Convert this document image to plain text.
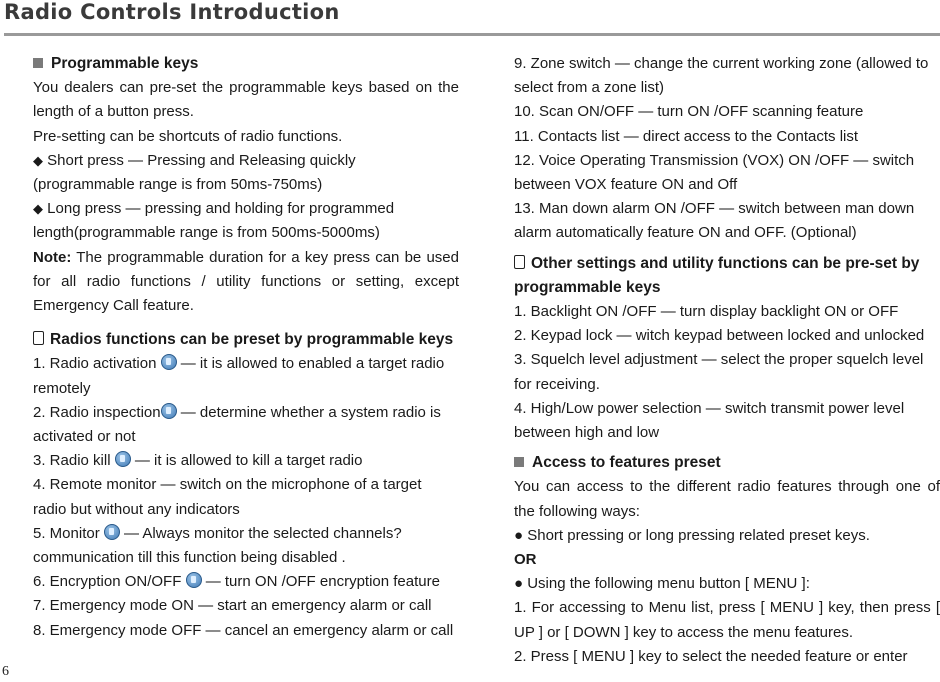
Radio Controls Introduction
Programmable keys

You dealers can pre-set the programmable keys based on the length of a button press.

Pre-setting can be shortcuts of radio functions.

◆ Short press — Pressing and Releasing quickly (programmable range is from 50ms-750ms)

◆ Long press — pressing and holding for programmed length(programmable range is from 500ms-5000ms)

Note: The programmable duration for a key press can be used for all radio functions / utility functions or setting, except Emergency Call feature.

Radios functions can be preset by programmable keys

1. Radio activation  — it is allowed to enabled a target radio remotely

2. Radio inspection — determine whether a system radio is activated or not

3. Radio kill  — it is allowed to kill a target radio

4. Remote monitor — switch on the microphone of a target radio but without any indicators

5. Monitor  — Always monitor the selected channels? communication till this function being disabled .

6. Encryption ON/OFF  — turn ON /OFF encryption feature

7. Emergency mode ON — start an emergency alarm or call

8. Emergency mode OFF — cancel an emergency alarm or call

9. Zone switch — change the current working zone (allowed to select from a zone list)

10. Scan ON/OFF — turn ON /OFF scanning feature

11. Contacts list — direct access to the Contacts list

12. Voice Operating Transmission (VOX) ON /OFF — switch between VOX feature ON and Off

13. Man down alarm ON /OFF — switch between man down alarm automatically feature ON and OFF. (Optional)

Other settings and utility functions can be pre-set by programmable keys

1. Backlight ON /OFF — turn display backlight ON or OFF

2. Keypad lock — witch keypad between locked and unlocked

3. Squelch level adjustment — select the proper squelch level for receiving.

4. High/Low power selection — switch transmit power level between high and low

Access to features preset

You can access to the different radio features through one of the following ways:

● Short pressing or long pressing related preset keys.

OR

● Using the following menu button [ MENU ]:

1. For accessing to Menu list, press [ MENU ] key, then press [ UP ] or [ DOWN ] key to access the menu features.

2. Press [ MENU ] key to select the needed feature or enter

6
